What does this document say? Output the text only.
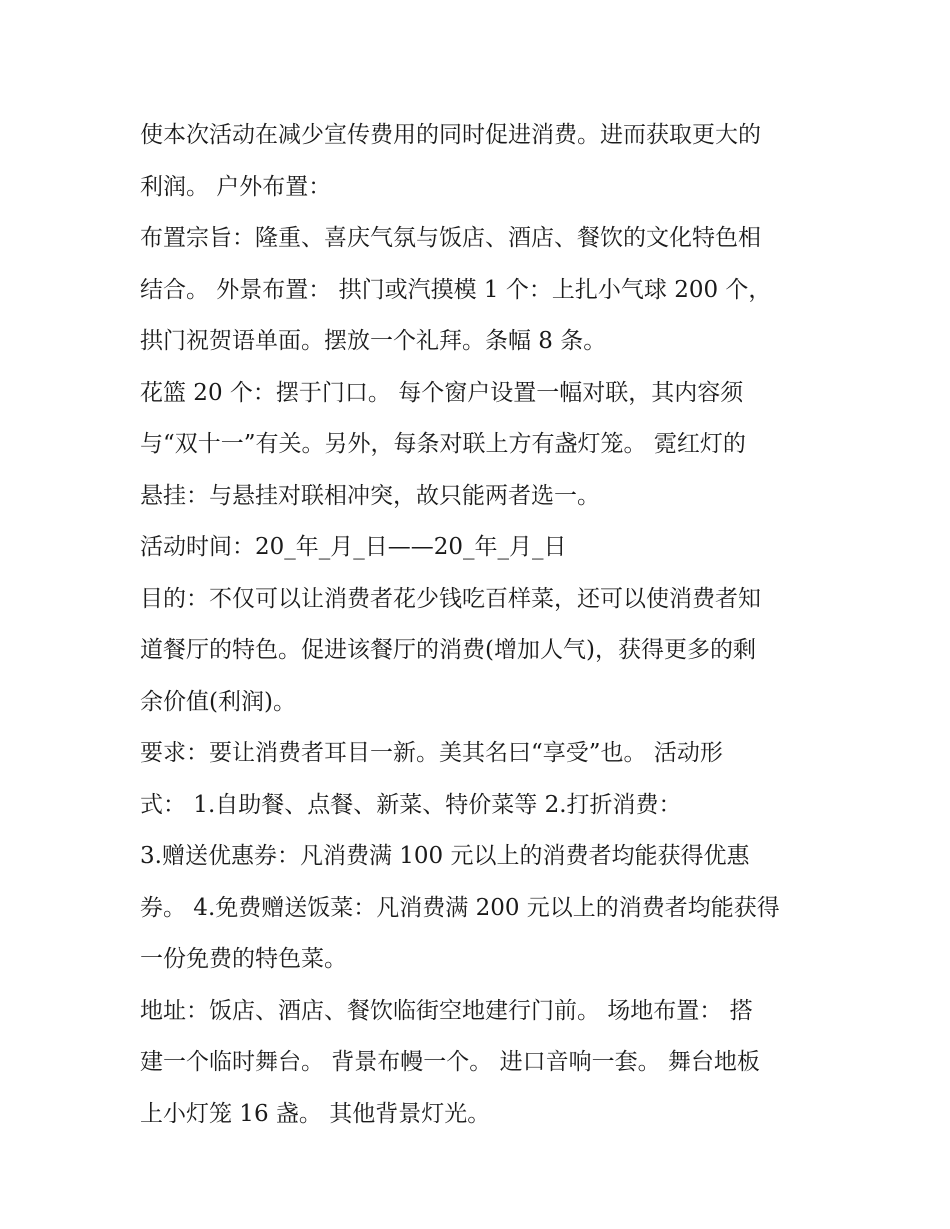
使本次活动在减少宣传费用的同时促进消费。进而获取更大的
利润。 户外布置：
布置宗旨：隆重、喜庆气氛与饭店、酒店、餐饮的文化特色相
结合。 外景布置： 拱门或汽摸模 1 个：上扎小气球 200 个，
拱门祝贺语单面。摆放一个礼拜。条幅 8 条。
花篮 20 个：摆于门口。 每个窗户设置一幅对联，其内容须
与“双十一”有关。另外，每条对联上方有盏灯笼。 霓红灯的
悬挂：与悬挂对联相冲突，故只能两者选一。
活动时间：20_年_月_日——20_年_月_日
目的：不仅可以让消费者花少钱吃百样菜，还可以使消费者知
道餐厅的特色。促进该餐厅的消费(增加人气)，获得更多的剩
余价值(利润)。
要求：要让消费者耳目一新。美其名曰“享受”也。 活动形
式： 1.自助餐、点餐、新菜、特价菜等 2.打折消费：
3.赠送优惠券：凡消费满 100 元以上的消费者均能获得优惠
券。 4.免费赠送饭菜：凡消费满 200 元以上的消费者均能获得
一份免费的特色菜。
地址：饭店、酒店、餐饮临街空地建行门前。 场地布置： 搭
建一个临时舞台。 背景布幔一个。 进口音响一套。 舞台地板
上小灯笼 16 盏。 其他背景灯光。
